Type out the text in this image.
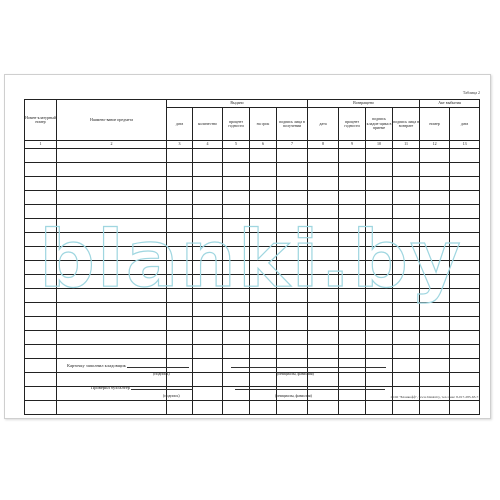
Таблица 2
Номен-клатурный номер	Наимено-вание предмета	Выдано					Возвращено				Акт выбытия	
		дата	количество	процент годности	на срок	подпись лица в получении	дата	процент годности	подпись кладов-щика в приеме	подпись лица в возврате	номер	дата
1	2	3	4	5	6	7	8	9	10	11	12	13

blanki.by
Карточку заполнил кладовщик
(подпись)	(инициалы, фамилия)
Проверил бухгалтер
(подпись)	(инициалы, фамилия)	ООО "Бланкофф", www.blanki.by, тел./факс 8-017-285-63-71
